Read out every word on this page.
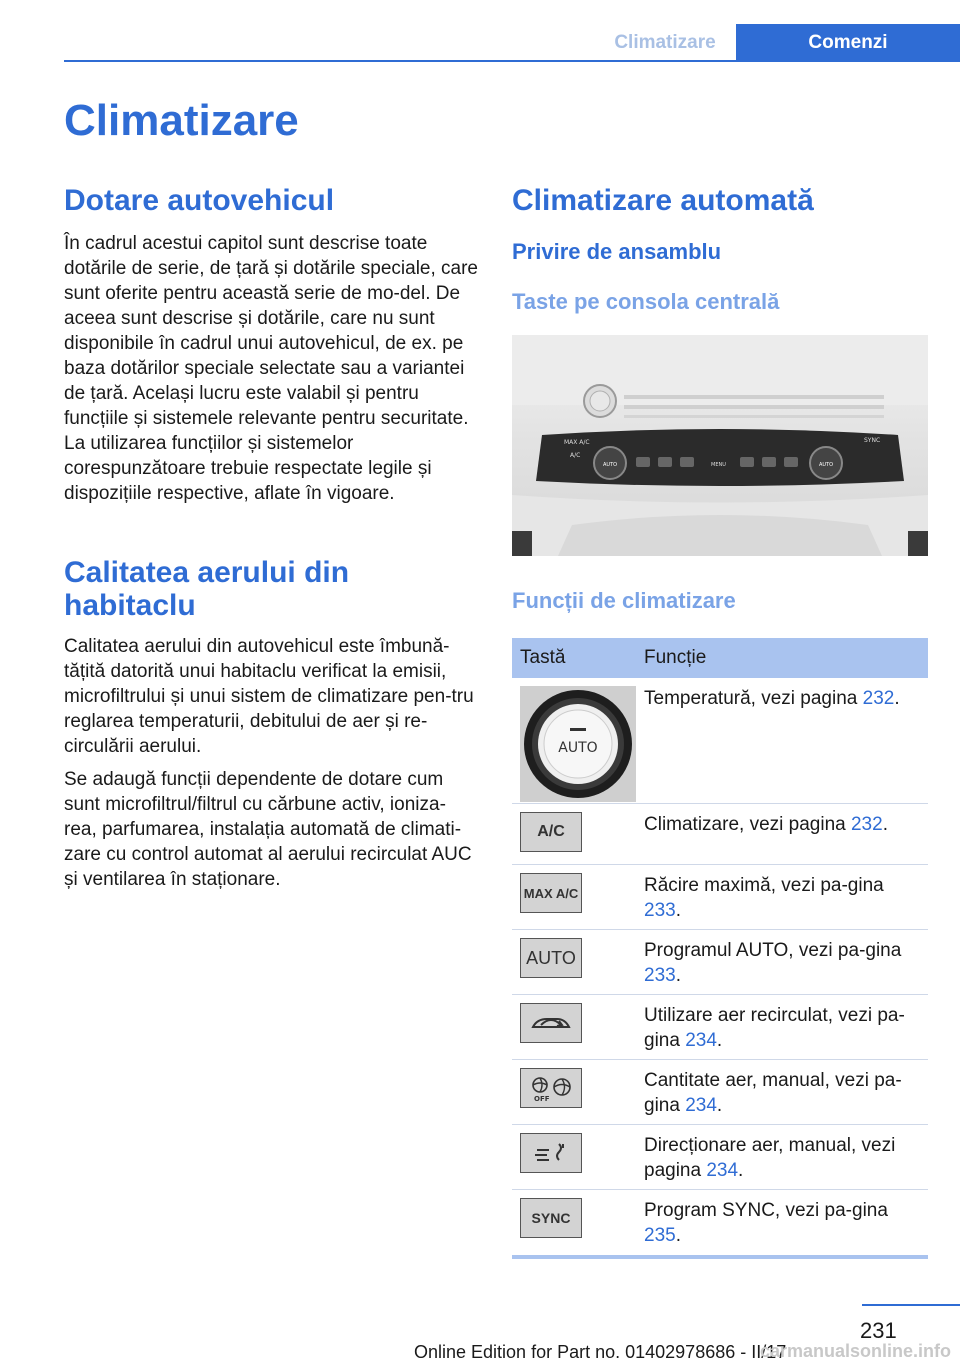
Climatizare	Comenzi
Climatizare
Dotare autovehicul

În cadrul acestui capitol sunt descrise toate dotările de serie, de țară și dotările speciale, care sunt oferite pentru această serie de mo-del. De aceea sunt descrise și dotările, care nu sunt disponibile în cadrul unui autovehicul, de ex. pe baza dotărilor speciale selectate sau a variantei de țară. Același lucru este valabil și pentru funcțiile și sistemele relevante pentru securitate. La utilizarea funcțiilor și sistemelor corespunzătoare trebuie respectate legile și dispozițiile respective, aflate în vigoare.

Calitatea aerului din habitaclu

Calitatea aerului din autovehicul este îmbună-tățită datorită unui habitaclu verificat la emisii, microfiltrului și unui sistem de climatizare pen-tru reglarea temperaturii, debitului de aer și re-circulării aerului.

Se adaugă funcții dependente de dotare cum sunt microfiltrul/filtrul cu cărbune activ, ioniza-rea, parfumarea, instalația automată de climati-zare cu control automat al aerului recirculat AUC și ventilarea în staționare.

Climatizare automată
Privire de ansamblu
Taste pe consola centrală
MAX A/C
A/C
AUTO	AUTO
MENU
SYNC
Funcții de climatizare
Tastă	Funcție
AUTO
Temperatură, vezi pagina 232.
A/C	Climatizare, vezi pagina 232.
MAX A/C	Răcire maximă, vezi pa-gina 233.
AUTO	Programul AUTO, vezi pa-gina 233.
Utilizare aer recirculat, vezi pa-gina 234.
OFF
Cantitate aer, manual, vezi pa-gina 234.
Direcționare aer, manual, vezi pagina 234.
SYNC	Program SYNC, vezi pa-gina 235.
231
Online Edition for Part no. 01402978686 - II/17
carmanualsonline.info
